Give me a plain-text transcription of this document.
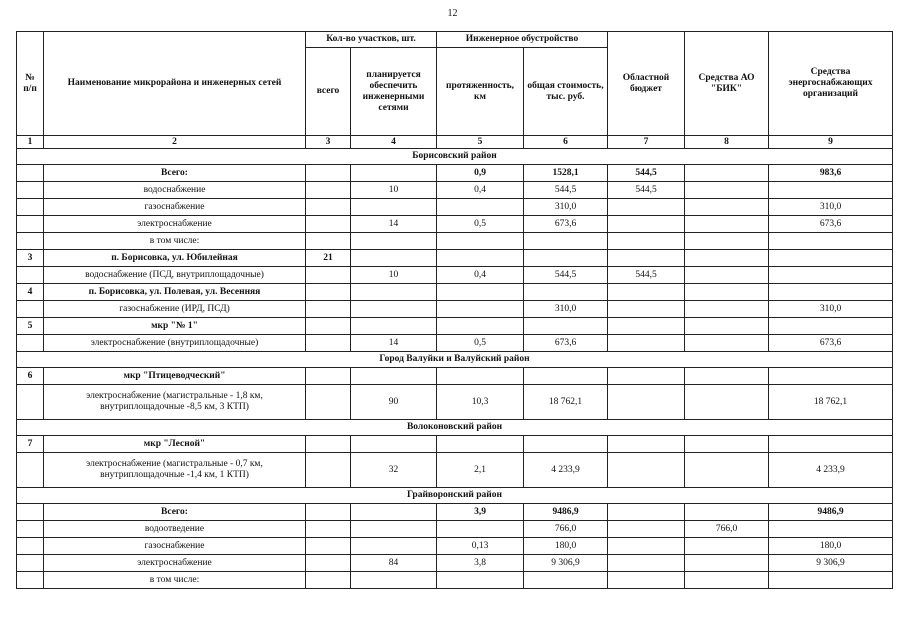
12
№ п/п	Наименование микрорайона и инженерных сетей	Кол-во участков, шт.		Инженерное обустройство		Областной бюджет	Средства АО "БИК"	Средства энергоснабжающих организаций
		всего	планируется обеспечить инженерными сетями	протяженность, км	общая стоимость, тыс. руб.			
1	2	3	4	5	6	7	8	9
Борисовский район								
	Всего:			0,9	1528,1	544,5		983,6
	водоснабжение		10	0,4	544,5	544,5		
	газоснабжение				310,0			310,0
	электроснабжение		14	0,5	673,6			673,6
	в том числе:							
3	п. Борисовка, ул. Юбилейная	21						
	водоснабжение (ПСД, внутриплощадочные)		10	0,4	544,5	544,5		
4	п. Борисовка, ул. Полевая, ул. Весенняя							
	газоснабжение (ИРД, ПСД)				310,0			310,0
5	мкр "№ 1"							
	электроснабжение (внутриплощадочные)		14	0,5	673,6			673,6
Город Валуйки и Валуйский район								
6	мкр "Птицеводческий"							
	электроснабжение (магистральные - 1,8 км, внутриплощадочные -8,5 км, 3 КТП)		90	10,3	18 762,1			18 762,1
Волоконовский район								
7	мкр "Лесной"							
	электроснабжение (магистральные - 0,7 км, внутриплощадочные -1,4 км, 1 КТП)		32	2,1	4 233,9			4 233,9
Грайворонский район								
	Всего:			3,9	9486,9			9486,9
	водоотведение				766,0		766,0	
	газоснабжение			0,13	180,0			180,0
	электроснабжение		84	3,8	9 306,9			9 306,9
	в том числе:							
